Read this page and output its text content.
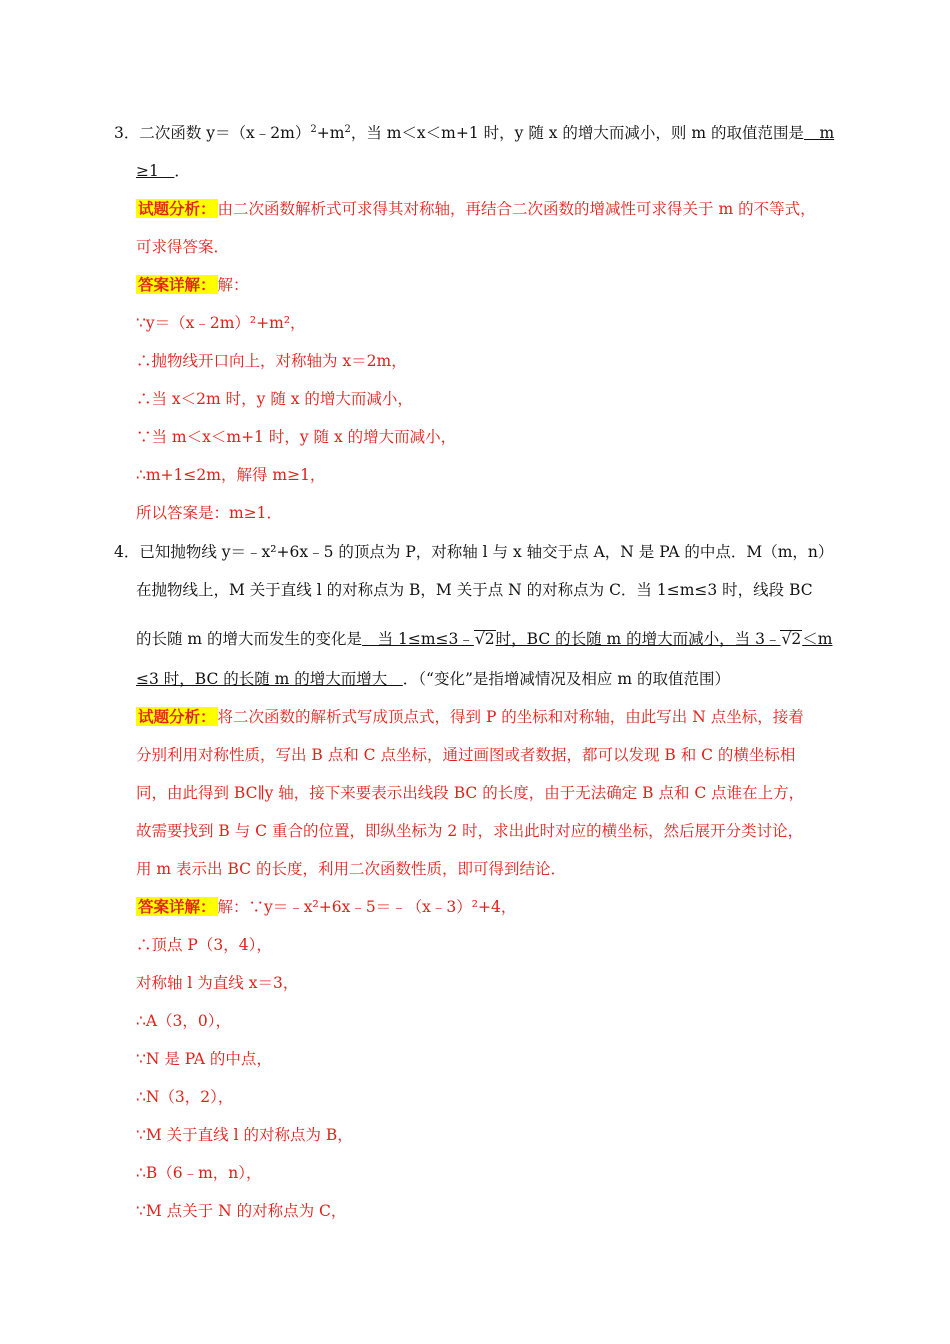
3．二次函数 $y=(x﹣2m)^2+m^2$，当 m＜x＜m+1 时，y 随 x 的增大而减小，则 m 的取值范围是　m
≥1　．
试题分析： 由二次函数解析式可求得其对称轴，再结合二次函数的增减性可求得关于 m 的不等式，
可求得答案．
答案详解： 解：
∵y＝（x﹣2m）²+m²，
∴抛物线开口向上，对称轴为 x＝2m，
∴当 x＜2m 时，y 随 x 的增大而减小，
∵当 m＜x＜m+1 时，y 随 x 的增大而减小，
∴m+1≤2m，解得 m≥1，
所以答案是：m≥1．
4．已知抛物线 y＝﹣x²+6x﹣5 的顶点为 P，对称轴 l 与 x 轴交于点 A，N 是 PA 的中点．M（m，n）
在抛物线上，M 关于直线 l 的对称点为 B，M 关于点 N 的对称点为 C．当 1≤m≤3 时，线段 BC
的长随 m 的增大而发生的变化是　当 1≤m≤3﹣√2时，BC 的长随 m 的增大而减小，当 3﹣√2＜m
≤3 时，BC 的长随 m 的增大而增大　．（“变化”是指增减情况及相应 m 的取值范围）
试题分析： 将二次函数的解析式写成顶点式，得到 P 的坐标和对称轴，由此写出 N 点坐标，接着
分别利用对称性质，写出 B 点和 C 点坐标，通过画图或者数据，都可以发现 B 和 C 的横坐标相
同，由此得到 BC∥y 轴，接下来要表示出线段 BC 的长度，由于无法确定 B 点和 C 点谁在上方，
故需要找到 B 与 C 重合的位置，即纵坐标为 2 时，求出此时对应的横坐标，然后展开分类讨论，
用 m 表示出 BC 的长度，利用二次函数性质，即可得到结论．
答案详解： 解：∵y＝﹣x²+6x﹣5＝﹣（x﹣3）²+4，
∴顶点 P（3，4），
对称轴 l 为直线 x＝3，
∴A（3，0），
∵N 是 PA 的中点，
∴N（3，2），
∵M 关于直线 l 的对称点为 B，
∴B（6﹣m，n），
∵M 点关于 N 的对称点为 C，
